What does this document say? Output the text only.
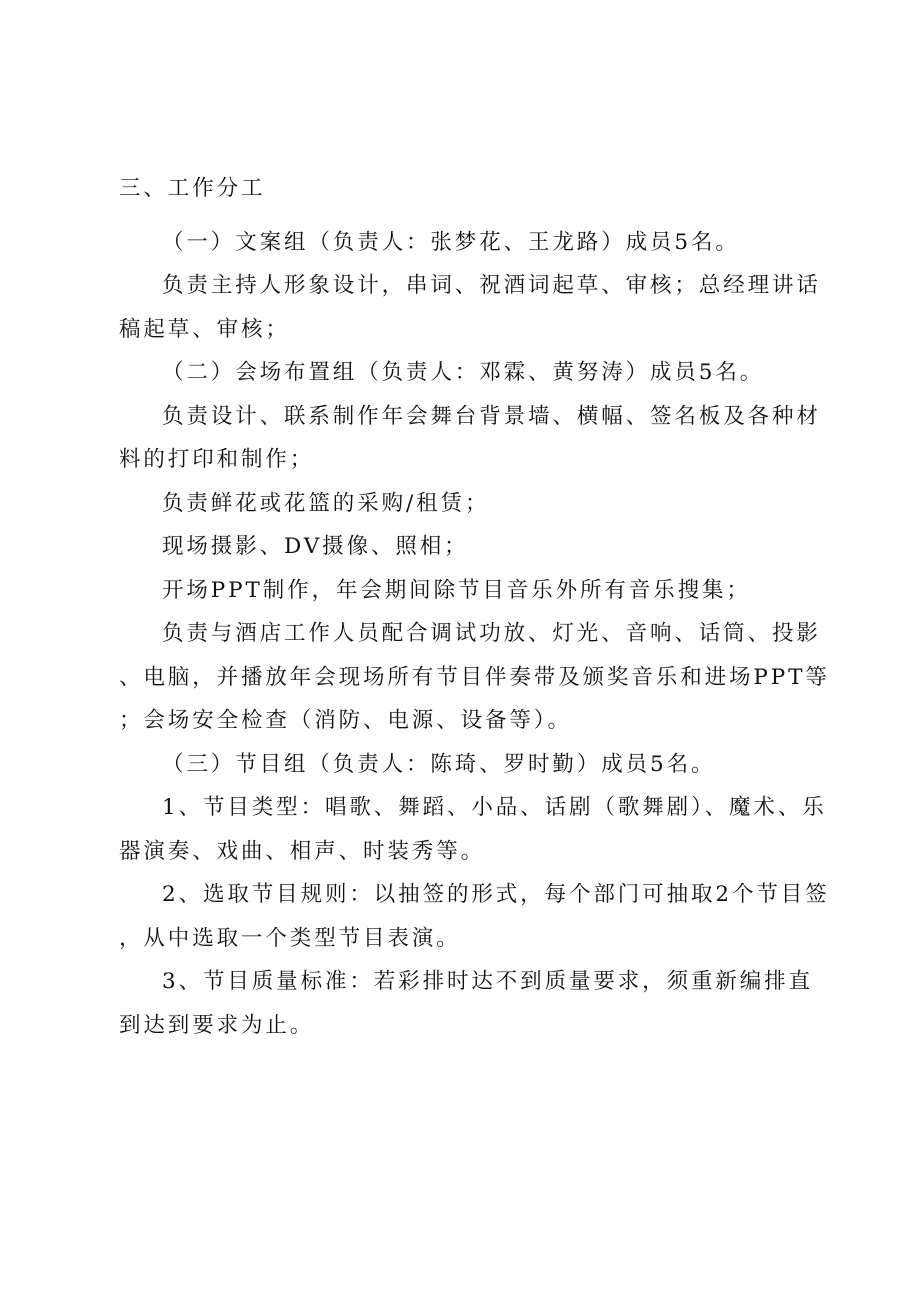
三、工作分工

（一）文案组（负责人：张梦花、王龙路）成员5名。

负责主持人形象设计，串词、祝酒词起草、审核；总经理讲话稿起草、审核；

（二）会场布置组（负责人：邓霖、黄努涛）成员5名。

负责设计、联系制作年会舞台背景墙、横幅、签名板及各种材料的打印和制作；

负责鲜花或花篮的采购/租赁；

现场摄影、DV摄像、照相；

开场PPT制作，年会期间除节目音乐外所有音乐搜集；

负责与酒店工作人员配合调试功放、灯光、音响、话筒、投影、电脑，并播放年会现场所有节目伴奏带及颁奖音乐和进场PPT等；会场安全检查（消防、电源、设备等）。

（三）节目组（负责人：陈琦、罗时勤）成员5名。

1、节目类型：唱歌、舞蹈、小品、话剧（歌舞剧）、魔术、乐器演奏、戏曲、相声、时装秀等。

2、选取节目规则：以抽签的形式，每个部门可抽取2个节目签，从中选取一个类型节目表演。

3、节目质量标准：若彩排时达不到质量要求，须重新编排直到达到要求为止。
